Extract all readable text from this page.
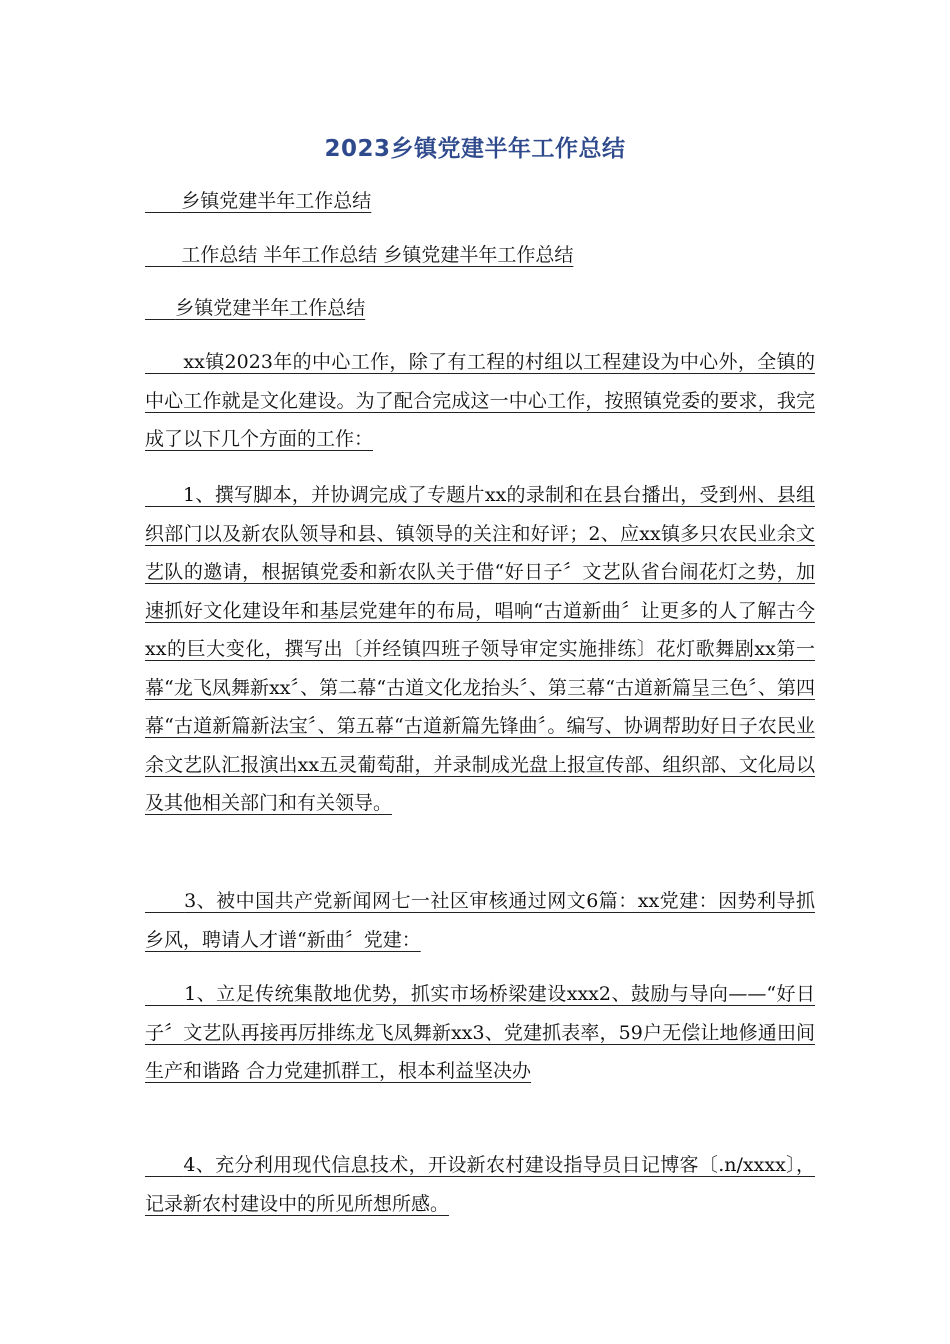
2023乡镇党建半年工作总结

乡镇党建半年工作总结

工作总结 半年工作总结 乡镇党建半年工作总结

乡镇党建半年工作总结

xx镇2023年的中心工作，除了有工程的村组以工程建设为中心外，全镇的中心工作就是文化建设。为了配合完成这一中心工作，按照镇党委的要求，我完成了以下几个方面的工作：

1、撰写脚本，并协调完成了专题片xx的录制和在县台播出，受到州、县组织部门以及新农队领导和县、镇领导的关注和好评；2、应xx镇多只农民业余文艺队的邀请，根据镇党委和新农队关于借“好日子〞文艺队省台闹花灯之势，加速抓好文化建设年和基层党建年的布局，唱响“古道新曲〞让更多的人了解古今xx的巨大变化，撰写出〔并经镇四班子领导审定实施排练〕花灯歌舞剧xx第一幕“龙飞凤舞新xx〞、第二幕“古道文化龙抬头〞、第三幕“古道新篇呈三色〞、第四幕“古道新篇新法宝〞、第五幕“古道新篇先锋曲〞。编写、协调帮助好日子农民业余文艺队汇报演出xx五灵葡萄甜，并录制成光盘上报宣传部、组织部、文化局以及其他相关部门和有关领导。

3、被中国共产党新闻网七一社区审核通过网文6篇：xx党建：因势利导抓乡风，聘请人才谱“新曲〞党建：

1、立足传统集散地优势，抓实市场桥梁建设xxx2、鼓励与导向——“好日子〞文艺队再接再厉排练龙飞凤舞新xx3、党建抓表率，59户无偿让地修通田间生产和谐路 合力党建抓群工，根本利益坚决办

4、充分利用现代信息技术，开设新农村建设指导员日记博客〔.n/xxxx〕，记录新农村建设中的所见所想所感。
